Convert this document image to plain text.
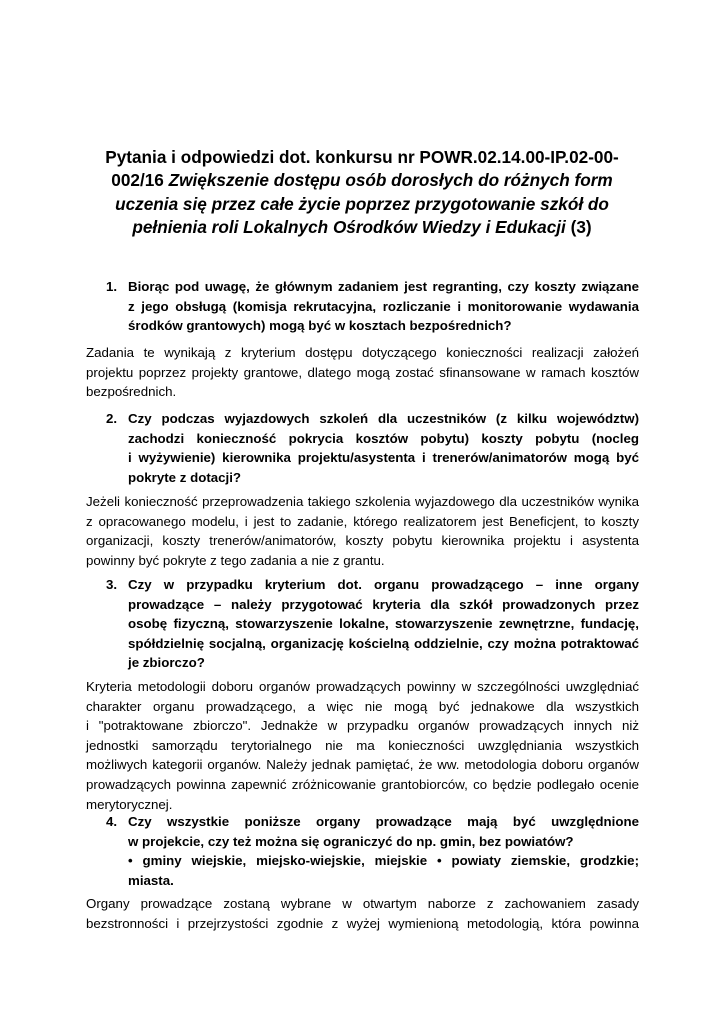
Pytania i odpowiedzi dot. konkursu nr POWR.02.14.00-IP.02-00-
002/16 Zwiększenie dostępu osób dorosłych do różnych form
uczenia się przez całe życie poprzez przygotowanie szkół do
pełnienia roli Lokalnych Ośrodków Wiedzy i Edukacji (3)
1. Biorąc pod uwagę, że głównym zadaniem jest regranting, czy koszty związane
z jego obsługą (komisja rekrutacyjna, rozliczanie i monitorowanie wydawania
środków grantowych) mogą być w kosztach bezpośrednich?
Zadania te wynikają z kryterium dostępu dotyczącego konieczności realizacji założeń
projektu poprzez projekty grantowe, dlatego mogą zostać sfinansowane w ramach kosztów
bezpośrednich.
2. Czy podczas wyjazdowych szkoleń dla uczestników (z kilku województw)
zachodzi konieczność pokrycia kosztów pobytu) koszty pobytu (nocleg
i wyżywienie) kierownika projektu/asystenta i trenerów/animatorów mogą być
pokryte z dotacji?
Jeżeli konieczność przeprowadzenia takiego szkolenia wyjazdowego dla uczestników wynika
z opracowanego modelu, i jest to zadanie, którego realizatorem jest Beneficjent, to koszty
organizacji, koszty trenerów/animatorów, koszty pobytu kierownika projektu i asystenta
powinny być pokryte z tego zadania a nie z grantu.
3. Czy w przypadku kryterium dot. organu prowadzącego – inne organy
prowadzące – należy przygotować kryteria dla szkół prowadzonych przez
osobę fizyczną, stowarzyszenie lokalne, stowarzyszenie zewnętrzne, fundację,
spółdzielnię socjalną, organizację kościelną oddzielnie, czy można potraktować
je zbiorczo?
Kryteria metodologii doboru organów prowadzących powinny w szczególności uwzględniać
charakter organu prowadzącego, a więc nie mogą być jednakowe dla wszystkich
i "potraktowane zbiorczo". Jednakże w przypadku organów prowadzących innych niż
jednostki samorządu terytorialnego nie ma konieczności uwzględniania wszystkich
możliwych kategorii organów. Należy jednak pamiętać, że ww. metodologia doboru organów
prowadzących powinna zapewnić zróżnicowanie grantobiorców, co będzie podlegało ocenie
merytorycznej.
4. Czy wszystkie poniższe organy prowadzące mają być uwzględnione
w projekcie, czy też można się ograniczyć do np. gmin, bez powiatów?
• gminy wiejskie, miejsko-wiejskie, miejskie • powiaty ziemskie, grodzkie;
miasta.
Organy prowadzące zostaną wybrane w otwartym naborze z zachowaniem zasady
bezstronności i przejrzystości zgodnie z wyżej wymienioną metodologią, która powinna
